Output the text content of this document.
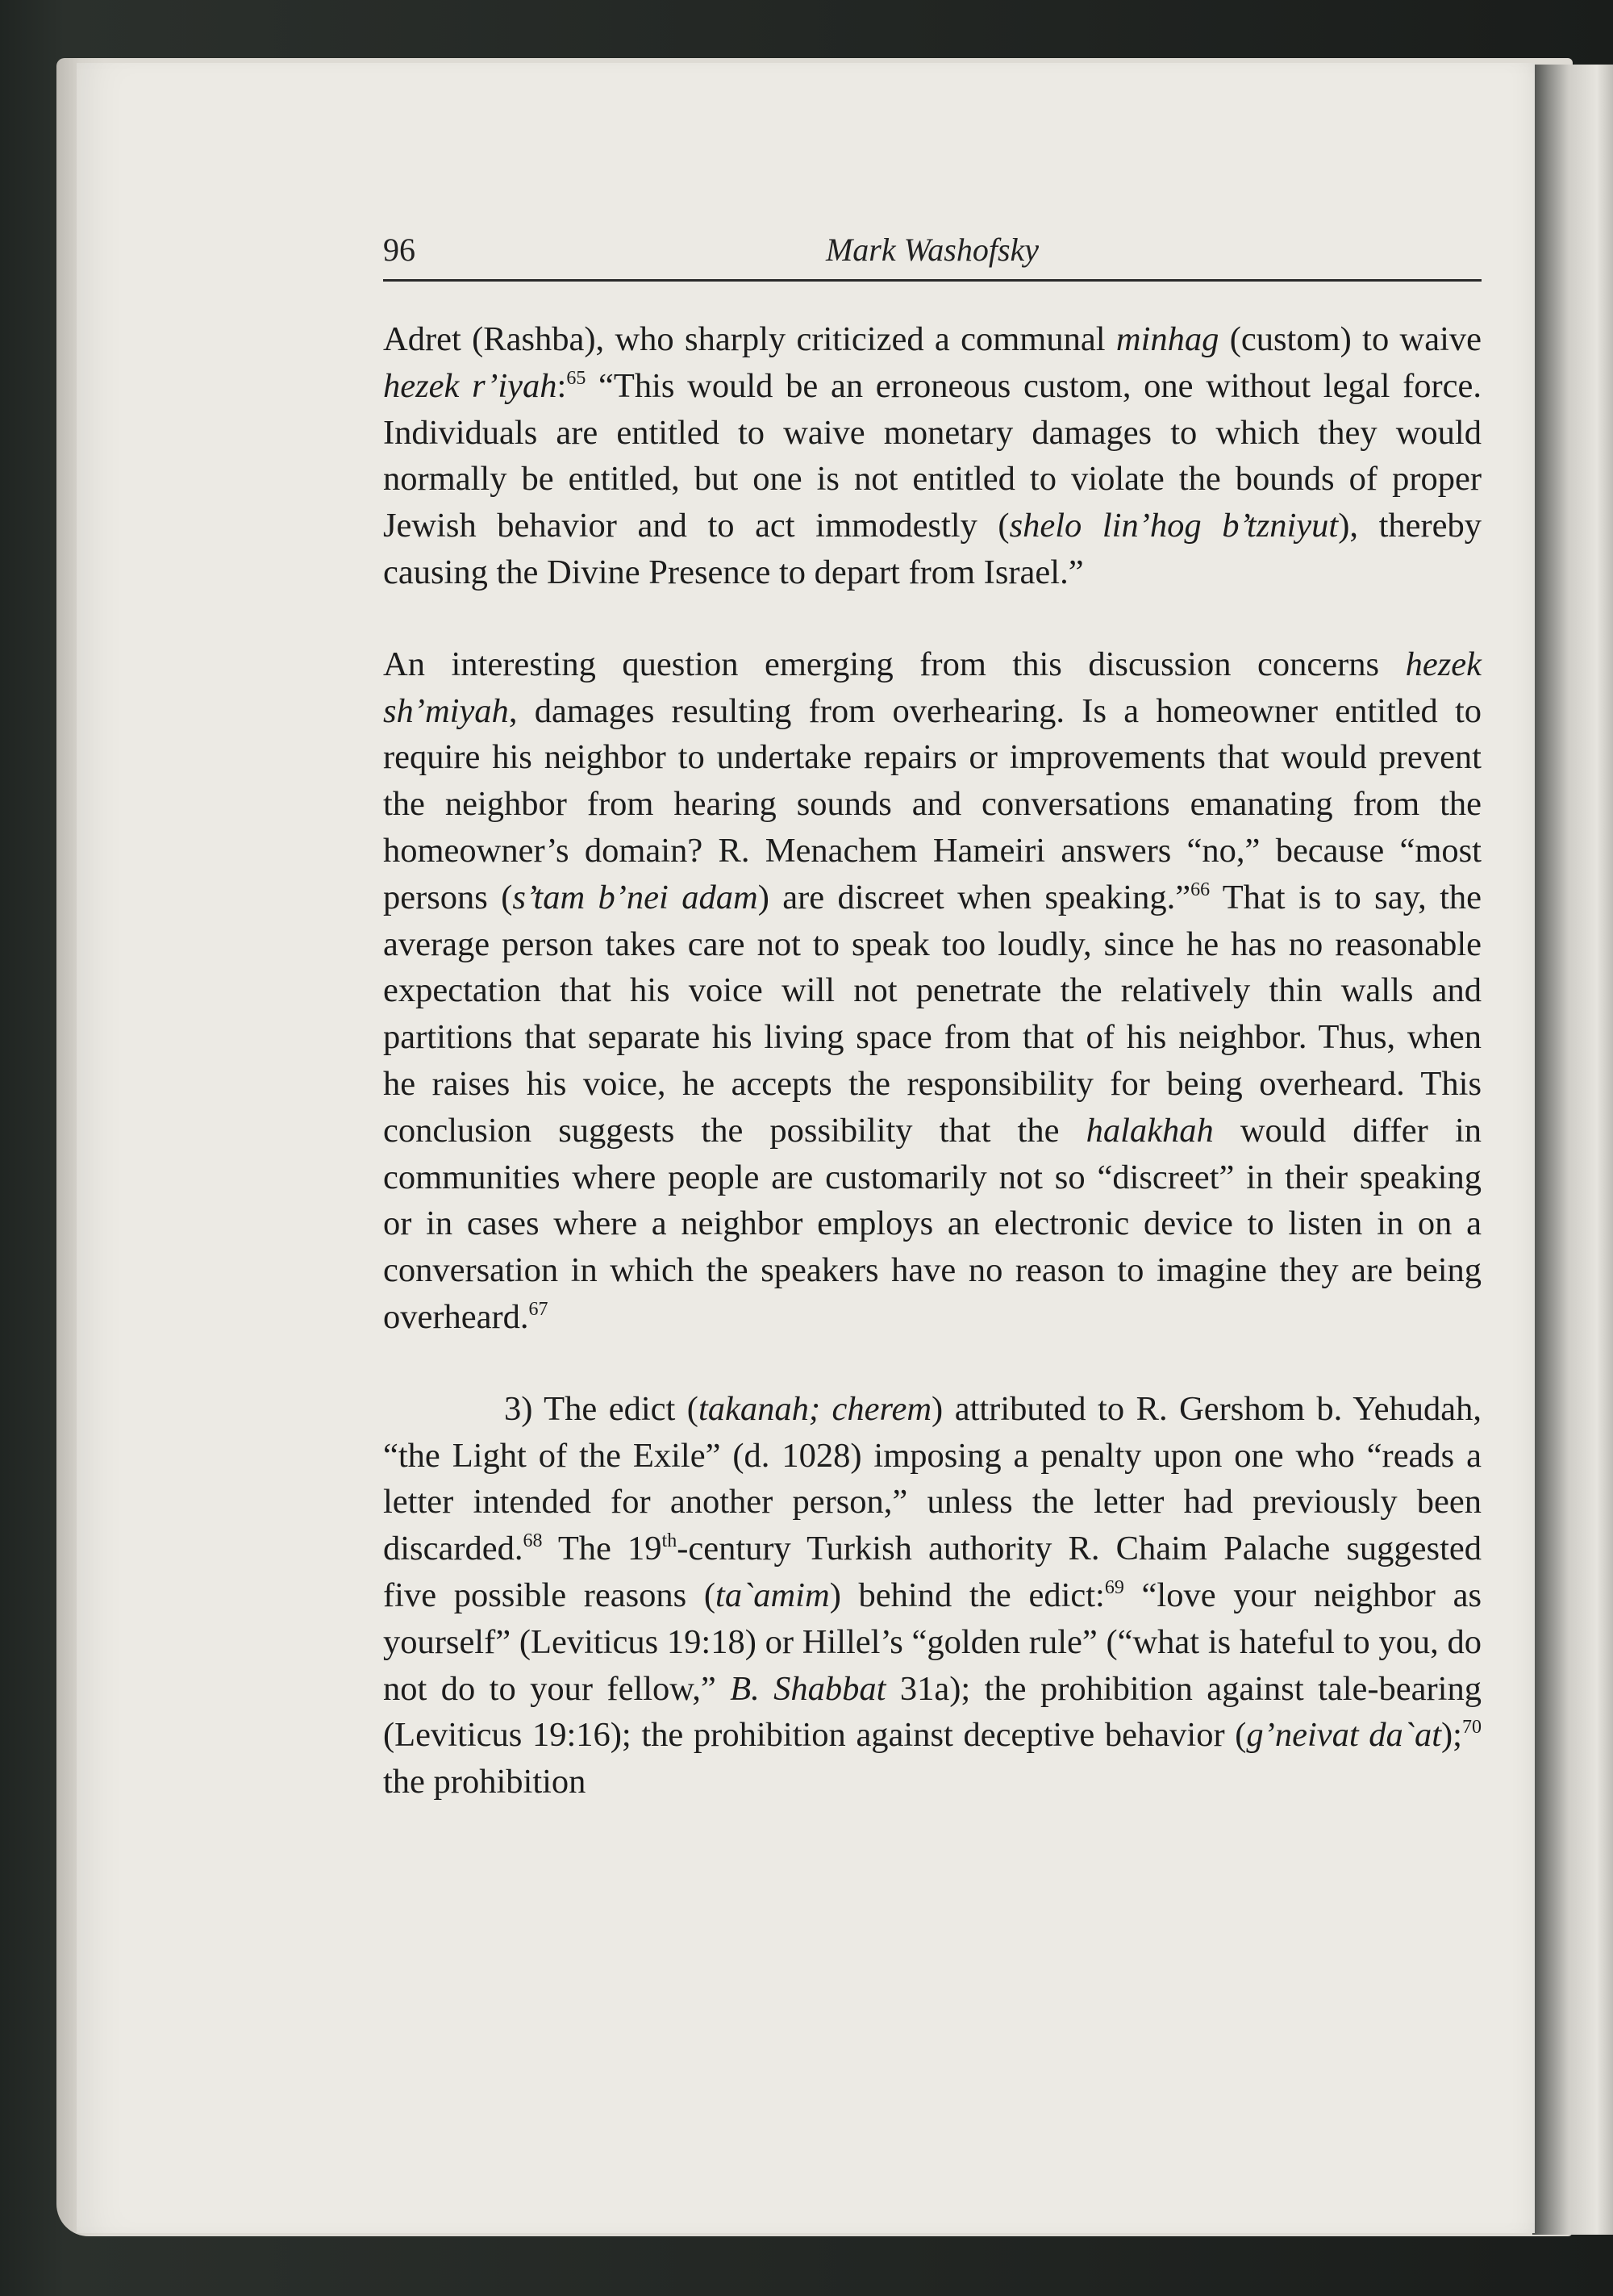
96	Mark Washofsky

Adret (Rashba), who sharply criticized a communal minhag (custom) to waive hezek r’iyah:$^{65}$ “This would be an erroneous custom, one without legal force. Individuals are entitled to waive monetary damages to which they would normally be entitled, but one is not entitled to violate the bounds of proper Jewish behavior and to act immodestly (shelo lin’hog b’tzniyut), thereby causing the Divine Presence to depart from Israel.”

An interesting question emerging from this discussion concerns hezek sh’miyah, damages resulting from overhearing. Is a homeowner entitled to require his neighbor to undertake repairs or improvements that would prevent the neighbor from hearing sounds and conversations emanating from the homeowner’s domain? R. Menachem Hameiri answers “no,” because “most persons (s’tam b’nei adam) are discreet when speaking.”$^{66}$ That is to say, the average person takes care not to speak too loudly, since he has no reasonable expectation that his voice will not penetrate the relatively thin walls and partitions that separate his living space from that of his neighbor. Thus, when he raises his voice, he accepts the responsibility for being overheard. This conclusion suggests the possibility that the halakhah would differ in communities where people are customarily not so “discreet” in their speaking or in cases where a neighbor employs an electronic device to listen in on a conversation in which the speakers have no reason to imagine they are being overheard.$^{67}$

3) The edict (takanah; cherem) attributed to R. Gershom b. Yehudah, “the Light of the Exile” (d. 1028) imposing a penalty upon one who “reads a letter intended for another person,” unless the letter had previously been discarded.$^{68}$ The 19th-century Turkish authority R. Chaim Palache suggested five possible reasons (ta`amim) behind the edict:$^{69}$ “love your neighbor as yourself” (Leviticus 19:18) or Hillel’s “golden rule” (“what is hateful to you, do not do to your fellow,” B. Shabbat 31a); the prohibition against tale-bearing (Leviticus 19:16); the prohibition against deceptive behavior (g’neivat da`at);$^{70}$ the prohibition
